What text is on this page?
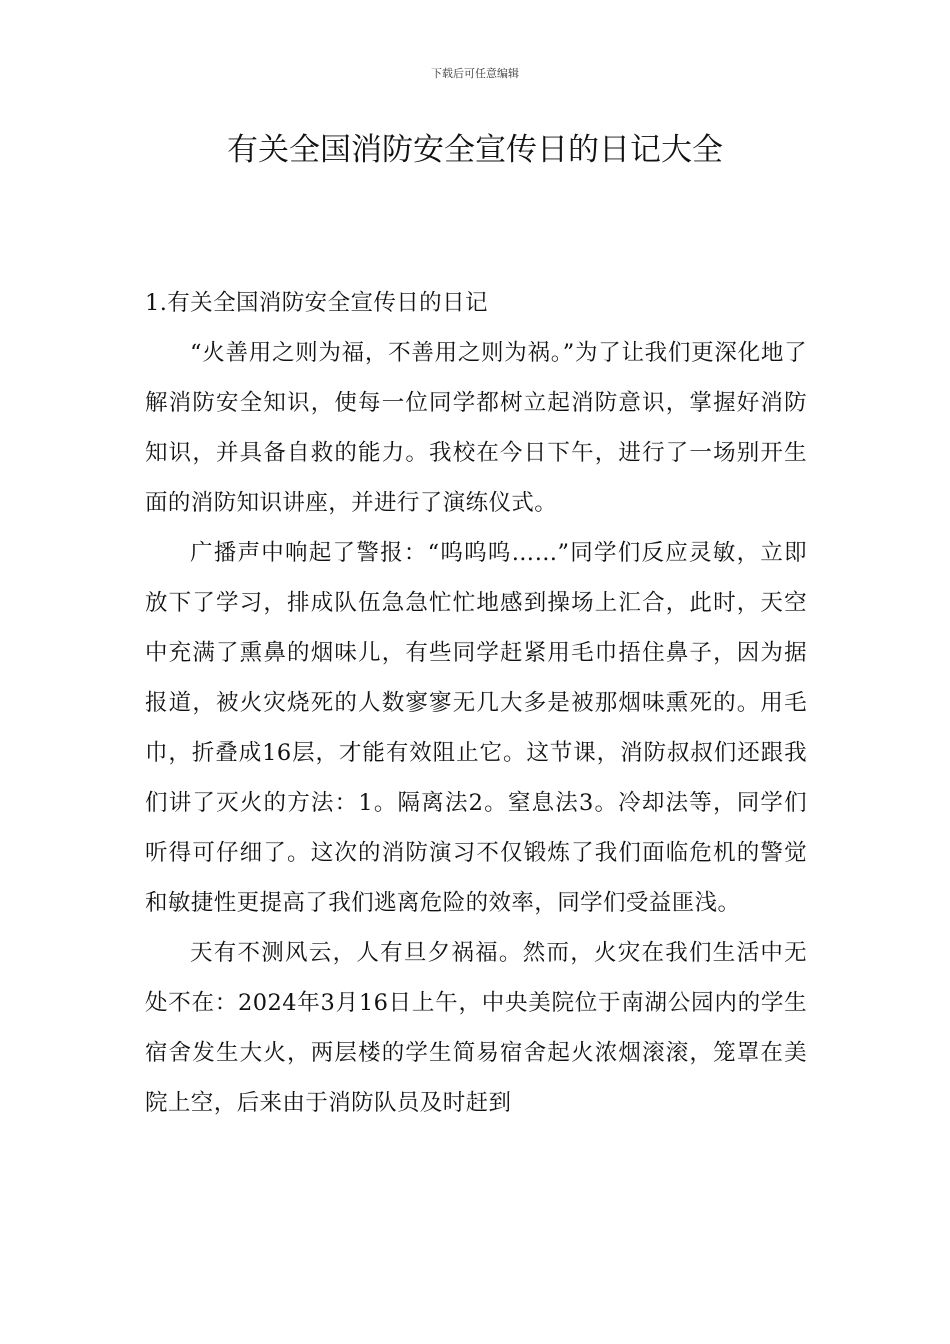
下载后可任意编辑
有关全国消防安全宣传日的日记大全

1.有关全国消防安全宣传日的日记

“火善用之则为福，不善用之则为祸。”为了让我们更深化地了解消防安全知识，使每一位同学都树立起消防意识，掌握好消防知识，并具备自救的能力。我校在今日下午，进行了一场别开生面的消防知识讲座，并进行了演练仪式。

广播声中响起了警报：“呜呜呜……”同学们反应灵敏，立即放下了学习，排成队伍急急忙忙地感到操场上汇合，此时，天空中充满了熏鼻的烟味儿，有些同学赶紧用毛巾捂住鼻子，因为据报道，被火灾烧死的人数寥寥无几大多是被那烟味熏死的。用毛巾，折叠成16层，才能有效阻止它。这节课，消防叔叔们还跟我们讲了灭火的方法：1。隔离法2。窒息法3。冷却法等，同学们听得可仔细了。这次的消防演习不仅锻炼了我们面临危机的警觉和敏捷性更提高了我们逃离危险的效率，同学们受益匪浅。

天有不测风云，人有旦夕祸福。然而，火灾在我们生活中无处不在：2024年3月16日上午，中央美院位于南湖公园内的学生宿舍发生大火，两层楼的学生简易宿舍起火浓烟滚滚，笼罩在美院上空，后来由于消防队员及时赶到
